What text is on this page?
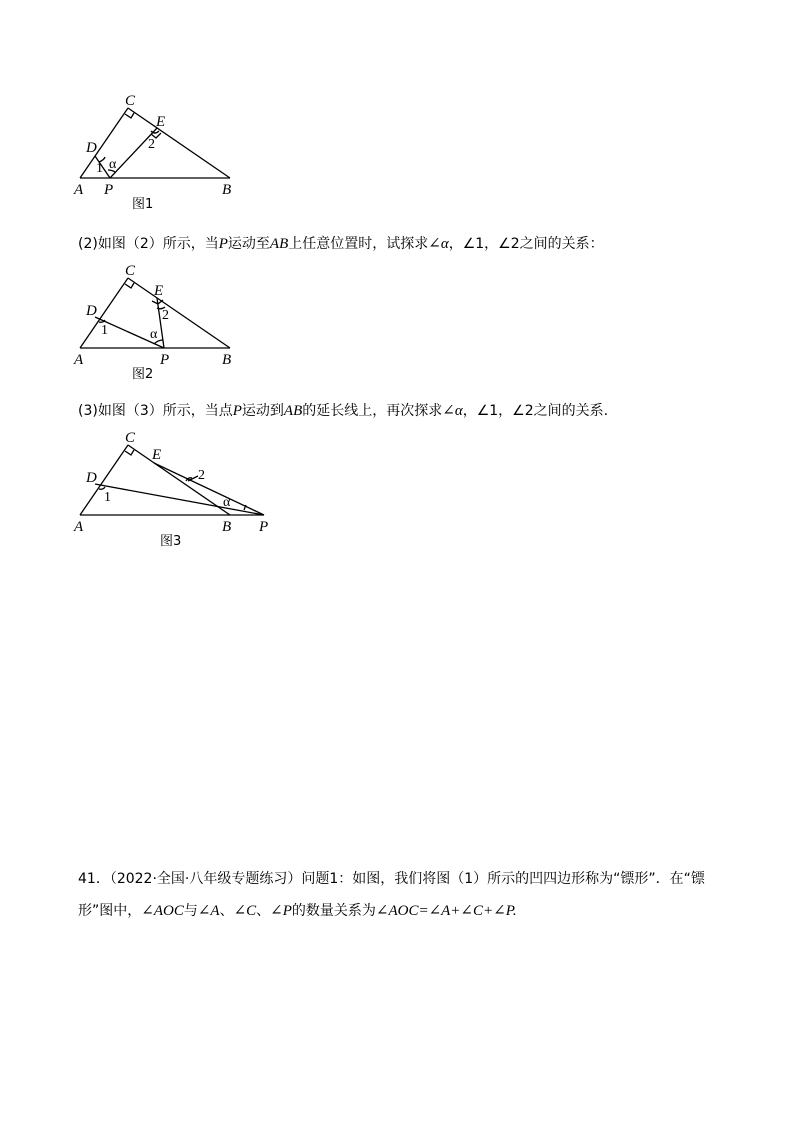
C
E
2
D
1 α
A P	B
图1
(2)如图（2）所示，当P运动至AB上任意位置时，试探求∠α，∠1，∠2之间的关系：
C
E
2
D
1	α
A	P	B
图2
(3)如图（3）所示，当点P运动到AB的延长线上，再次探求∠α，∠1，∠2之间的关系.
C
E
2
D
1	α
A	B P
图3
41．（2022·全国·八年级专题练习）问题1：如图，我们将图（1）所示的凹四边形称为“镖形”．在“镖
形”图中，∠AOC与∠A、∠C、∠P的数量关系为∠AOC=∠A+∠C+∠P.
